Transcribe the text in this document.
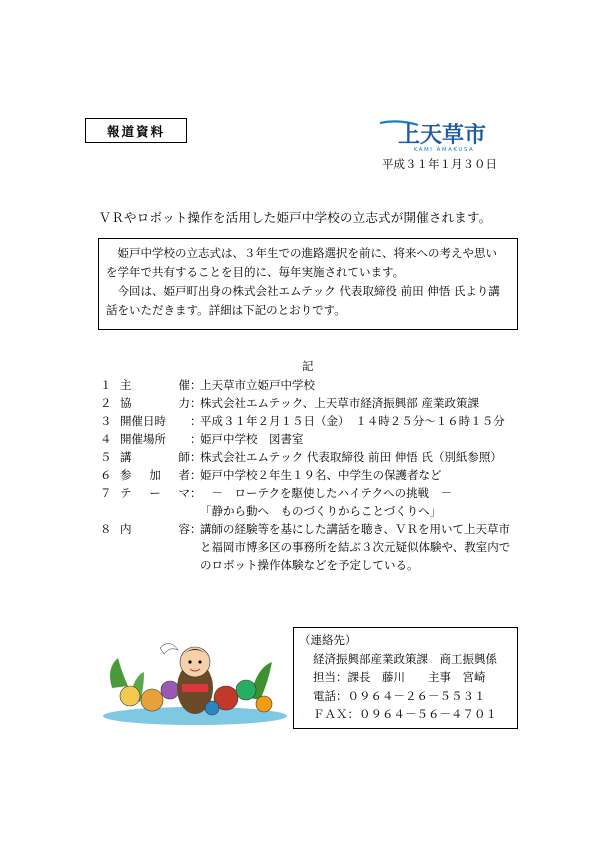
報道資料	上天草市
KAMI AMAKUSA
平成３１年１月３０日
ＶＲやロボット操作を活用した姫戸中学校の立志式が開催されます。

　姫戸中学校の立志式は、３年生での進路選択を前に、将来への考えや思いを学年で共有することを目的に、毎年実施されています。

　今回は、姫戸町出身の株式会社エムテック 代表取締役 前田 伸悟 氏より講話をいただきます。詳細は下記のとおりです。

記
１ 主	催 ：
上天草市立姫戸中学校
２ 協	力 ：
株式会社エムテック、上天草市経済振興部 産業政策課
３ 開催日時 ：
平成３１年２月１５日（金）　１４時２５分～１６時１５分
４ 開催場所 ：
姫戸中学校　図書室
５ 講	師 ：
株式会社エムテック 代表取締役 前田 伸悟 氏（別紙参照）
６ 参 加 者 ：
姫戸中学校２年生１９名、中学生の保護者など
７ テ ー マ ：
　－　ローテクを駆使したハイテクへの挑戦　－
「静から動へ　ものづくりからことづくりへ」
８ 内	容 ：
講師の経験等を基にした講話を聴き、ＶＲを用いて上天草市
と福岡市博多区の事務所を結ぶ３次元疑似体験や、教室内で
のロボット操作体験などを予定している。
（連絡先）
経済振興部産業政策課　商工振興係
担当：課長　藤川　　主事　宮崎
電話：０９６４－２６－５５３１
ＦＡＸ：０９６４－５６－４７０１
